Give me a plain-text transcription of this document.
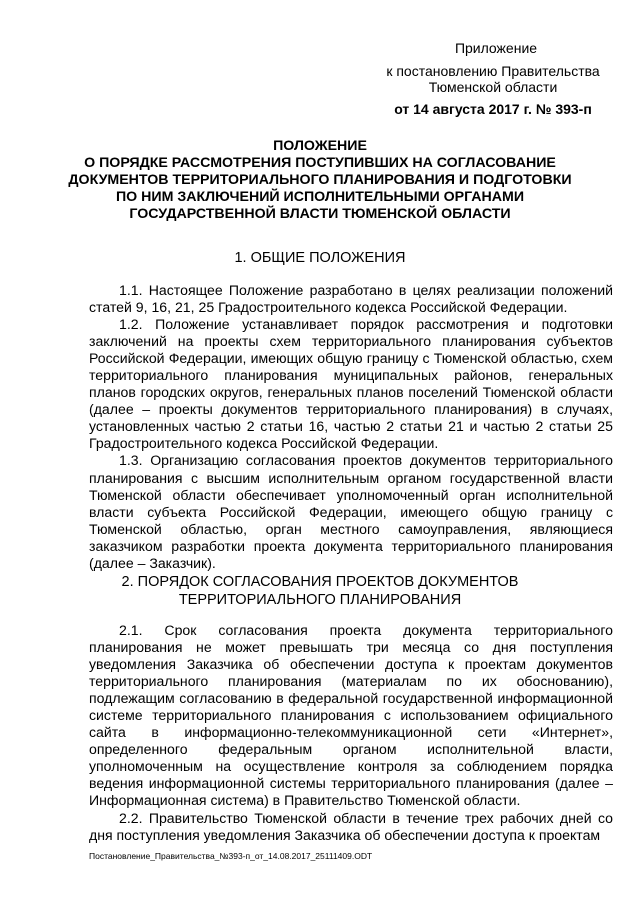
Приложение
к постановлению Правительства
Тюменской области
от 14 августа 2017 г. № 393-п
ПОЛОЖЕНИЕ
О ПОРЯДКЕ РАССМОТРЕНИЯ ПОСТУПИВШИХ НА СОГЛАСОВАНИЕ
ДОКУМЕНТОВ ТЕРРИТОРИАЛЬНОГО ПЛАНИРОВАНИЯ И ПОДГОТОВКИ
ПО НИМ ЗАКЛЮЧЕНИЙ ИСПОЛНИТЕЛЬНЫМИ ОРГАНАМИ
ГОСУДАРСТВЕННОЙ ВЛАСТИ ТЮМЕНСКОЙ ОБЛАСТИ
1. ОБЩИЕ ПОЛОЖЕНИЯ

1.1. Настоящее Положение разработано в целях реализации положений статей 9, 16, 21, 25 Градостроительного кодекса Российской Федерации.

1.2. Положение устанавливает порядок рассмотрения и подготовки заключений на проекты схем территориального планирования субъектов Российской Федерации, имеющих общую границу с Тюменской областью, схем территориального планирования муниципальных районов, генеральных планов городских округов, генеральных планов поселений Тюменской области (далее – проекты документов территориального планирования) в случаях, установленных частью 2 статьи 16, частью 2 статьи 21 и частью 2 статьи 25 Градостроительного кодекса Российской Федерации.

1.3. Организацию согласования проектов документов территориального планирования с высшим исполнительным органом государственной власти Тюменской области обеспечивает уполномоченный орган исполнительной власти субъекта Российской Федерации, имеющего общую границу с Тюменской областью, орган местного самоуправления, являющиеся заказчиком разработки проекта документа территориального планирования (далее – Заказчик).

2. ПОРЯДОК СОГЛАСОВАНИЯ ПРОЕКТОВ ДОКУМЕНТОВ
ТЕРРИТОРИАЛЬНОГО ПЛАНИРОВАНИЯ

2.1. Срок согласования проекта документа территориального планирования не может превышать три месяца со дня поступления уведомления Заказчика об обеспечении доступа к проектам документов территориального планирования (материалам по их обоснованию), подлежащим согласованию в федеральной государственной информационной системе территориального планирования с использованием официального сайта в информационно-телекоммуникационной сети «Интернет», определенного федеральным органом исполнительной власти, уполномоченным на осуществление контроля за соблюдением порядка ведения информационной системы территориального планирования (далее – Информационная система) в Правительство Тюменской области.

2.2. Правительство Тюменской области в течение трех рабочих дней со дня поступления уведомления Заказчика об обеспечении доступа к проектам

Постановление_Правительства_№393-п_от_14.08.2017_25111409.ODT
